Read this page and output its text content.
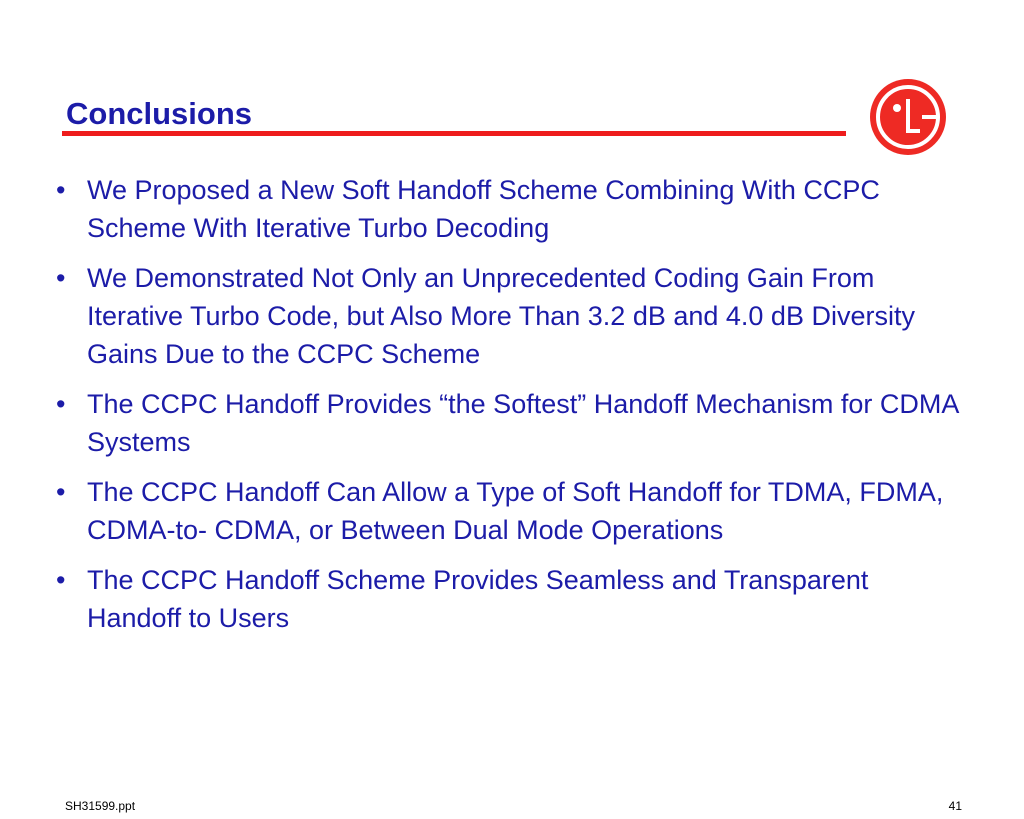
Conclusions
• We Proposed a New Soft Handoff Scheme Combining With CCPC Scheme With Iterative Turbo Decoding
• We Demonstrated Not Only an Unprecedented Coding Gain From Iterative Turbo Code, but Also More Than 3.2 dB and 4.0 dB Diversity Gains Due to the CCPC Scheme
• The CCPC Handoff Provides “the Softest” Handoff Mechanism for CDMA Systems
• The CCPC Handoff Can Allow a Type of Soft Handoff for TDMA, FDMA, CDMA-to- CDMA, or Between Dual Mode Operations
• The CCPC Handoff Scheme Provides Seamless and Transparent Handoff to Users
SH31599.ppt	41
